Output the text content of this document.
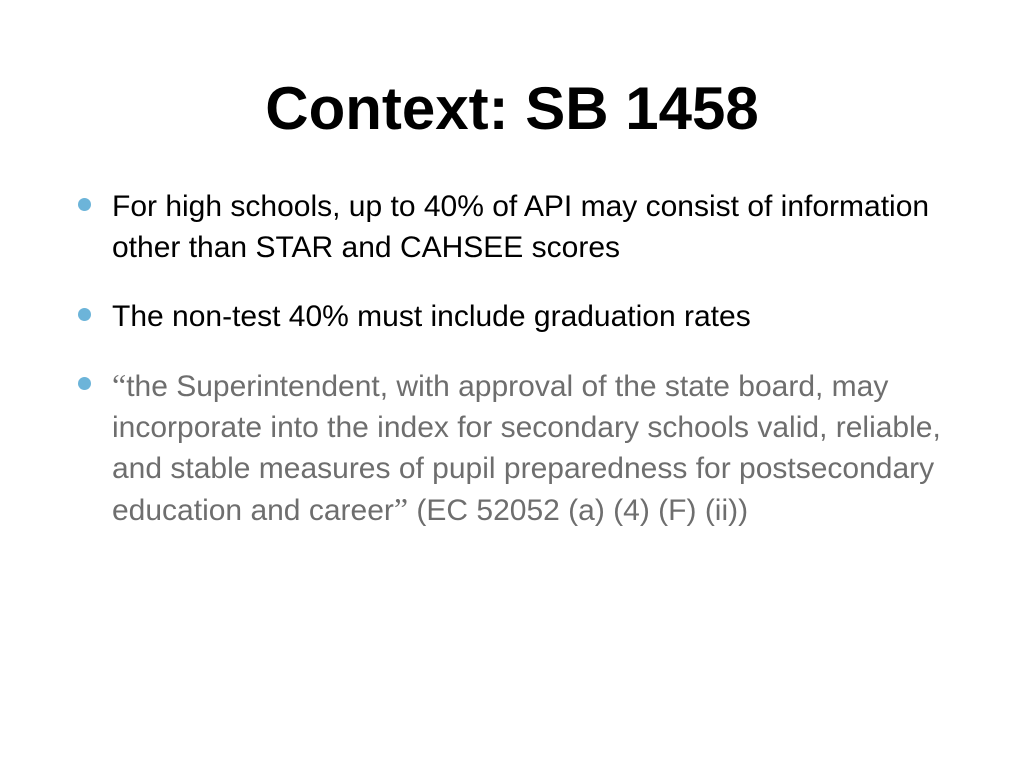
Context: SB 1458
For high schools, up to 40% of API may consist of information other than STAR and CAHSEE scores
The non-test 40% must include graduation rates
“the Superintendent, with approval of the state board, may incorporate into the index for secondary schools valid, reliable, and stable measures of pupil preparedness for postsecondary education and career” (EC 52052 (a) (4) (F) (ii))
